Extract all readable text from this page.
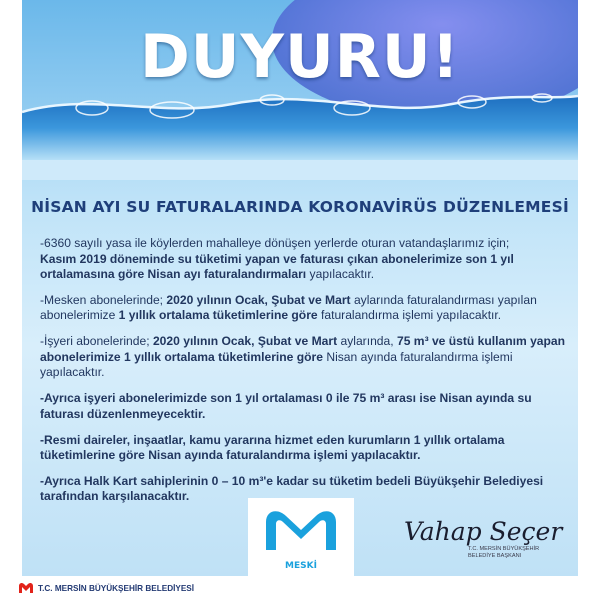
DUYURU!
NİSAN AYI SU FATURALARINDA KORONAVİRÜS DÜZENLEMESİ

-6360 sayılı yasa ile köylerden mahalleye dönüşen yerlerde oturan vatandaşlarımız için;
Kasım 2019 döneminde su tüketimi yapan ve faturası çıkan abonelerimize son 1 yıl ortalamasına göre Nisan ayı faturalandırmaları yapılacaktır.

-Mesken abonelerinde; 2020 yılının Ocak, Şubat ve Mart aylarında faturalandırması yapılan abonelerimize 1 yıllık ortalama tüketimlerine göre faturalandırma işlemi yapılacaktır.

-İşyeri abonelerinde; 2020 yılının Ocak, Şubat ve Mart aylarında, 75 m³ ve üstü kullanım yapan abonelerimize 1 yıllık ortalama tüketimlerine göre Nisan ayında faturalandırma işlemi yapılacaktır.

-Ayrıca işyeri abonelerimizde son 1 yıl ortalaması 0 ile 75 m³ arası ise Nisan ayında su faturası düzenlenmeyecektir.

-Resmi daireler, inşaatlar, kamu yararına hizmet eden kurumların 1 yıllık ortalama tüketimlerine göre Nisan ayında faturalandırma işlemi yapılacaktır.

-Ayrıca Halk Kart sahiplerinin 0 – 10 m³'e kadar su tüketim bedeli Büyükşehir Belediyesi tarafından karşılanacaktır.

MESKİ
Vahap Seçer
T.C. MERSİN BÜYÜKŞEHİR
BELEDİYE BAŞKANI
T.C. MERSİN BÜYÜKŞEHİR BELEDİYESİ
